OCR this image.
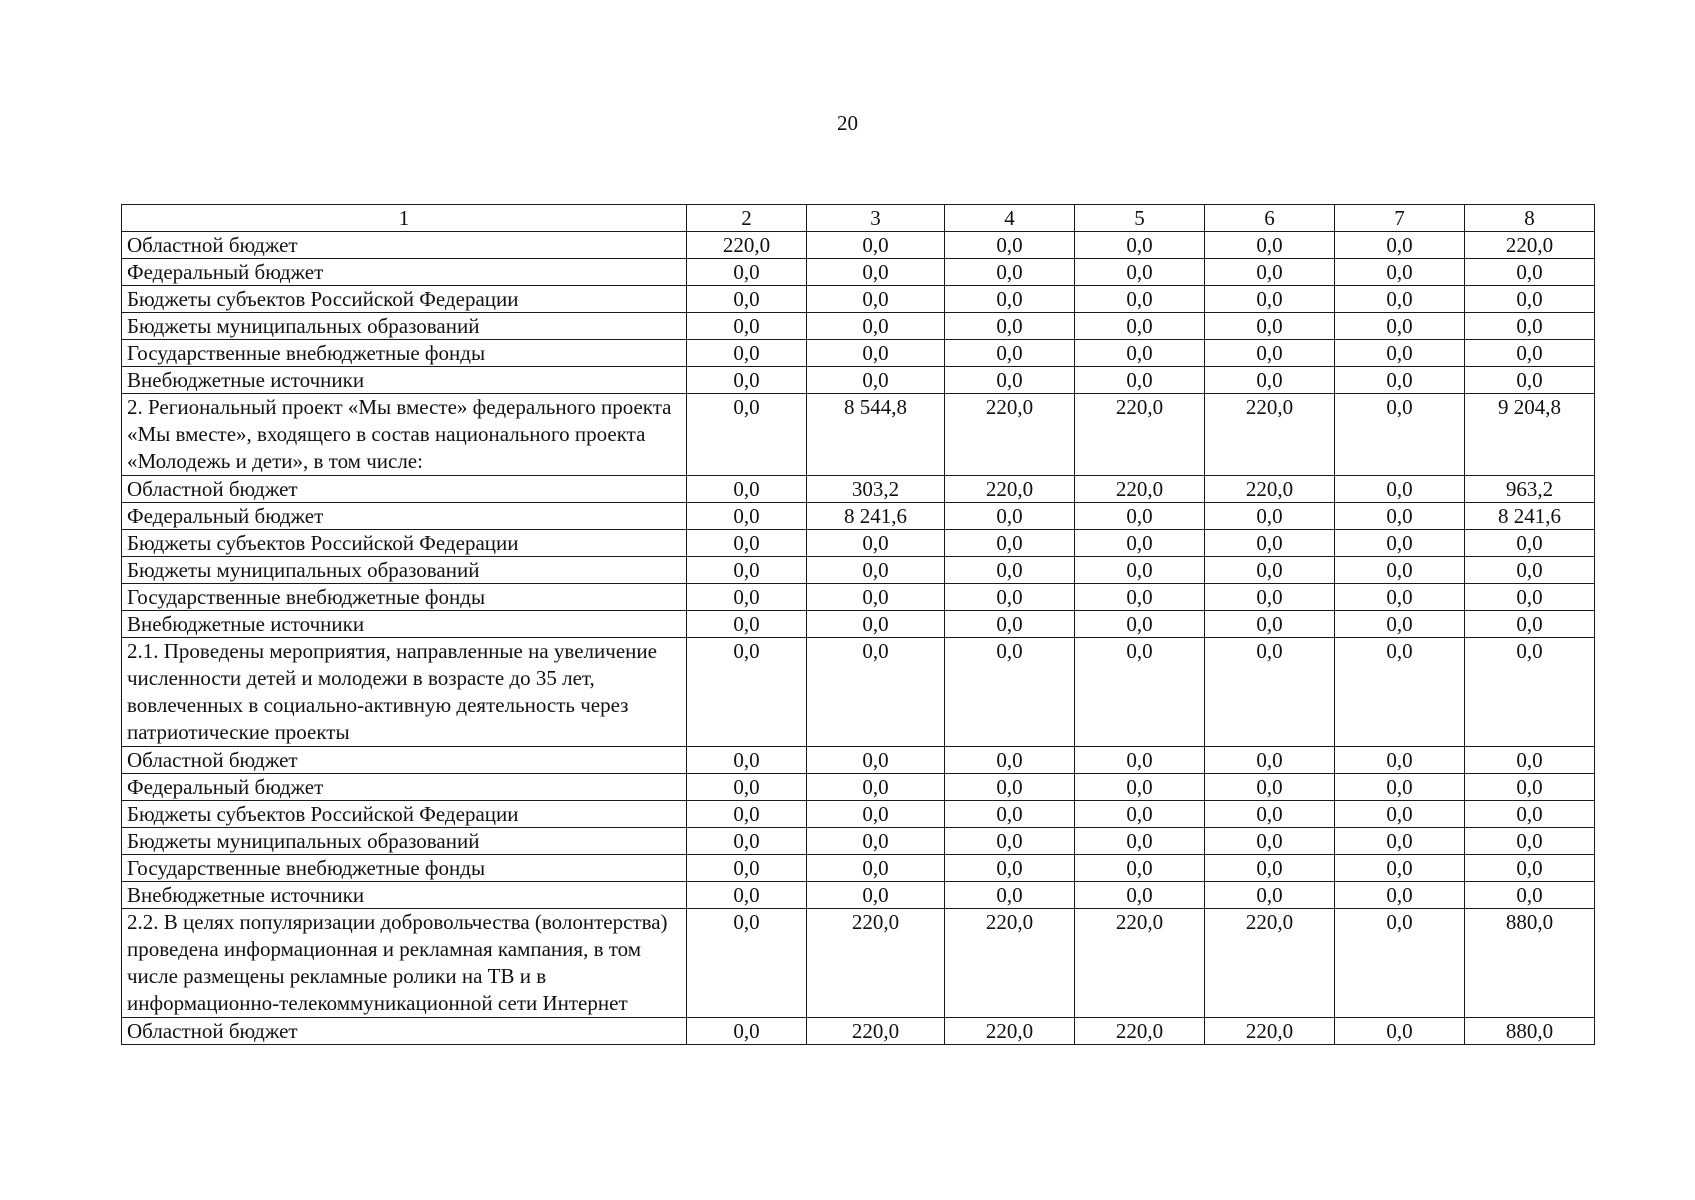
20
1	2	3	4	5	6	7	8
Областной бюджет	220,0	0,0	0,0	0,0	0,0	0,0	220,0
Федеральный бюджет	0,0	0,0	0,0	0,0	0,0	0,0	0,0
Бюджеты субъектов Российской Федерации	0,0	0,0	0,0	0,0	0,0	0,0	0,0
Бюджеты муниципальных образований	0,0	0,0	0,0	0,0	0,0	0,0	0,0
Государственные внебюджетные фонды	0,0	0,0	0,0	0,0	0,0	0,0	0,0
Внебюджетные источники	0,0	0,0	0,0	0,0	0,0	0,0	0,0
2. Региональный проект «Мы вместе» федерального проекта «Мы вместе», входящего в состав национального проекта «Молодежь и дети», в том числе:	0,0	8 544,8	220,0	220,0	220,0	0,0	9 204,8
Областной бюджет	0,0	303,2	220,0	220,0	220,0	0,0	963,2
Федеральный бюджет	0,0	8 241,6	0,0	0,0	0,0	0,0	8 241,6
Бюджеты субъектов Российской Федерации	0,0	0,0	0,0	0,0	0,0	0,0	0,0
Бюджеты муниципальных образований	0,0	0,0	0,0	0,0	0,0	0,0	0,0
Государственные внебюджетные фонды	0,0	0,0	0,0	0,0	0,0	0,0	0,0
Внебюджетные источники	0,0	0,0	0,0	0,0	0,0	0,0	0,0
2.1. Проведены мероприятия, направленные на увеличение численности детей и молодежи в возрасте до 35 лет, вовлеченных в социально-активную деятельность через патриотические проекты	0,0	0,0	0,0	0,0	0,0	0,0	0,0
Областной бюджет	0,0	0,0	0,0	0,0	0,0	0,0	0,0
Федеральный бюджет	0,0	0,0	0,0	0,0	0,0	0,0	0,0
Бюджеты субъектов Российской Федерации	0,0	0,0	0,0	0,0	0,0	0,0	0,0
Бюджеты муниципальных образований	0,0	0,0	0,0	0,0	0,0	0,0	0,0
Государственные внебюджетные фонды	0,0	0,0	0,0	0,0	0,0	0,0	0,0
Внебюджетные источники	0,0	0,0	0,0	0,0	0,0	0,0	0,0
2.2. В целях популяризации добровольчества (волонтерства) проведена информационная и рекламная кампания, в том числе размещены рекламные ролики на ТВ и в информационно-телекоммуникационной сети Интернет	0,0	220,0	220,0	220,0	220,0	0,0	880,0
Областной бюджет	0,0	220,0	220,0	220,0	220,0	0,0	880,0
